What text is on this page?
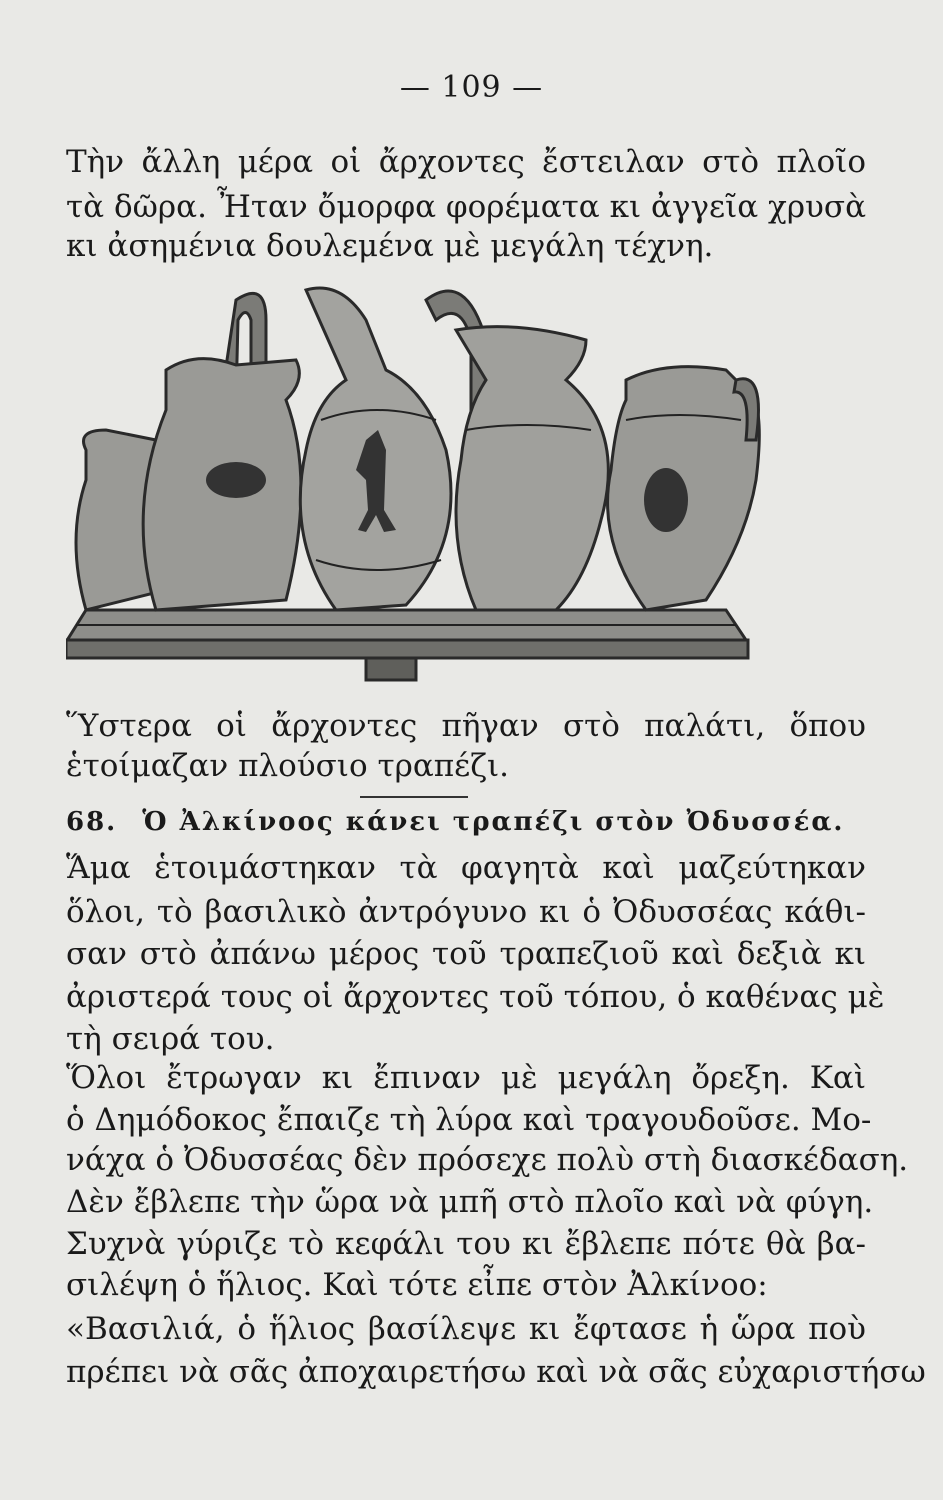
— 109 —
Τὴν ἄλλη μέρα οἱ ἄρχοντες ἔστειλαν στὸ πλοῖο
τὰ δῶρα. Ἦταν ὄμορφα φορέματα κι ἀγγεῖα χρυσὰ
κι ἀσημένια δουλεμένα μὲ μεγάλη τέχνη.
Ὕστερα οἱ ἄρχοντες πῆγαν στὸ παλάτι, ὅπου
ἑτοίμαζαν πλούσιο τραπέζι.
68. Ὁ Ἀλκίνοος κάνει τραπέζι στὸν Ὀδυσσέα.
Ἅμα ἑτοιμάστηκαν τὰ φαγητὰ καὶ μαζεύτηκαν
ὅλοι, τὸ βασιλικὸ ἀντρόγυνο κι ὁ Ὀδυσσέας κάθι-
σαν στὸ ἀπάνω μέρος τοῦ τραπεζιοῦ καὶ δεξιὰ κι
ἀριστερά τους οἱ ἄρχοντες τοῦ τόπου, ὁ καθένας μὲ
τὴ σειρά του.
Ὅλοι ἔτρωγαν κι ἔπιναν μὲ μεγάλη ὄρεξη. Καὶ
ὁ Δημόδοκος ἔπαιζε τὴ λύρα καὶ τραγουδοῦσε. Μο-
νάχα ὁ Ὀδυσσέας δὲν πρόσεχε πολὺ στὴ διασκέδαση.
Δὲν ἔβλεπε τὴν ὥρα νὰ μπῆ στὸ πλοῖο καὶ νὰ φύγη.
Συχνὰ γύριζε τὸ κεφάλι του κι ἔβλεπε πότε θὰ βα-
σιλέψη ὁ ἥλιος. Καὶ τότε εἶπε στὸν Ἀλκίνοο:
«Βασιλιά, ὁ ἥλιος βασίλεψε κι ἔφτασε ἡ ὥρα ποὺ
πρέπει νὰ σᾶς ἀποχαιρετήσω καὶ νὰ σᾶς εὐχαριστήσω
